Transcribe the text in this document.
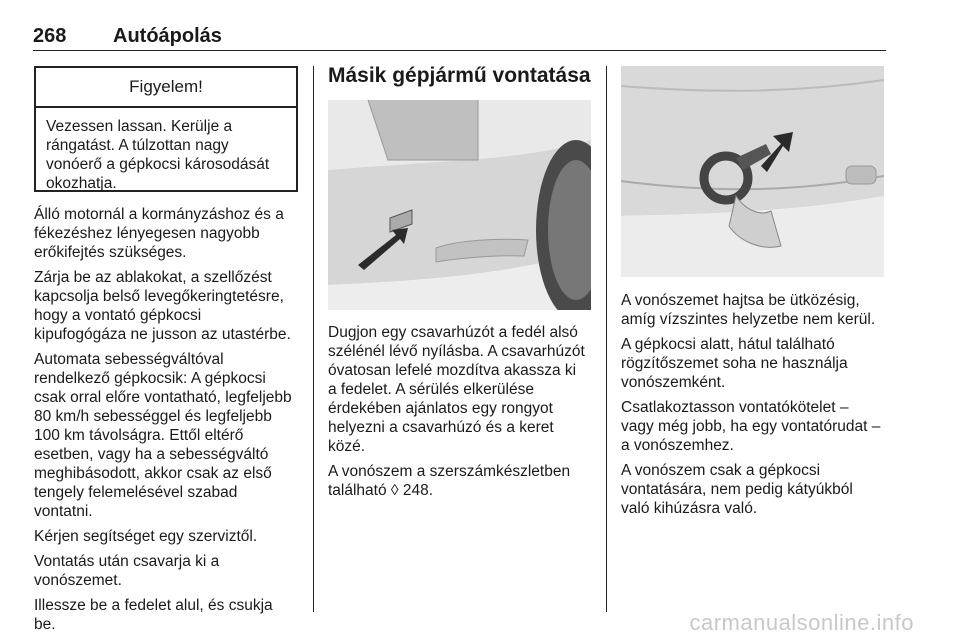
268 Autóápolás
Figyelem!
Vezessen lassan. Kerülje a
rángatást. A túlzottan nagy
vonóerő a gépkocsi károsodását
okozhatja.

Álló motornál a kormányzáshoz és a
fékezéshez lényegesen nagyobb
erőkifejtés szükséges.

Zárja be az ablakokat, a szellőzést
kapcsolja belső levegőkeringtetésre,
hogy a vontató gépkocsi
kipufogógáza ne jusson az utastérbe.

Automata sebességváltóval
rendelkező gépkocsik: A gépkocsi
csak orral előre vontatható, legfeljebb
80 km/h sebességgel és legfeljebb
100 km távolságra. Ettől eltérő
esetben, vagy ha a sebességváltó
meghibásodott, akkor csak az első
tengely felemelésével szabad
vontatni.

Kérjen segítséget egy szerviztől.

Vontatás után csavarja ki a
vonószemet.

Illessze be a fedelet alul, és csukja
be.

Másik gépjármű vontatása

Dugjon egy csavarhúzót a fedél alsó
szélénél lévő nyílásba. A csavarhúzót
óvatosan lefelé mozdítva akassza ki
a fedelet. A sérülés elkerülése
érdekében ajánlatos egy rongyot
helyezni a csavarhúzó és a keret
közé.

A vonószem a szerszámkészletben
található ◊ 248.

A vonószemet hajtsa be ütközésig,
amíg vízszintes helyzetbe nem kerül.

A gépkocsi alatt, hátul található
rögzítőszemet soha ne használja
vonószemként.

Csatlakoztasson vontatókötelet –
vagy még jobb, ha egy vontatórudat –
a vonószemhez.

A vonószem csak a gépkocsi
vontatására, nem pedig kátyúkból
való kihúzásra való.

carmanualsonline.info
